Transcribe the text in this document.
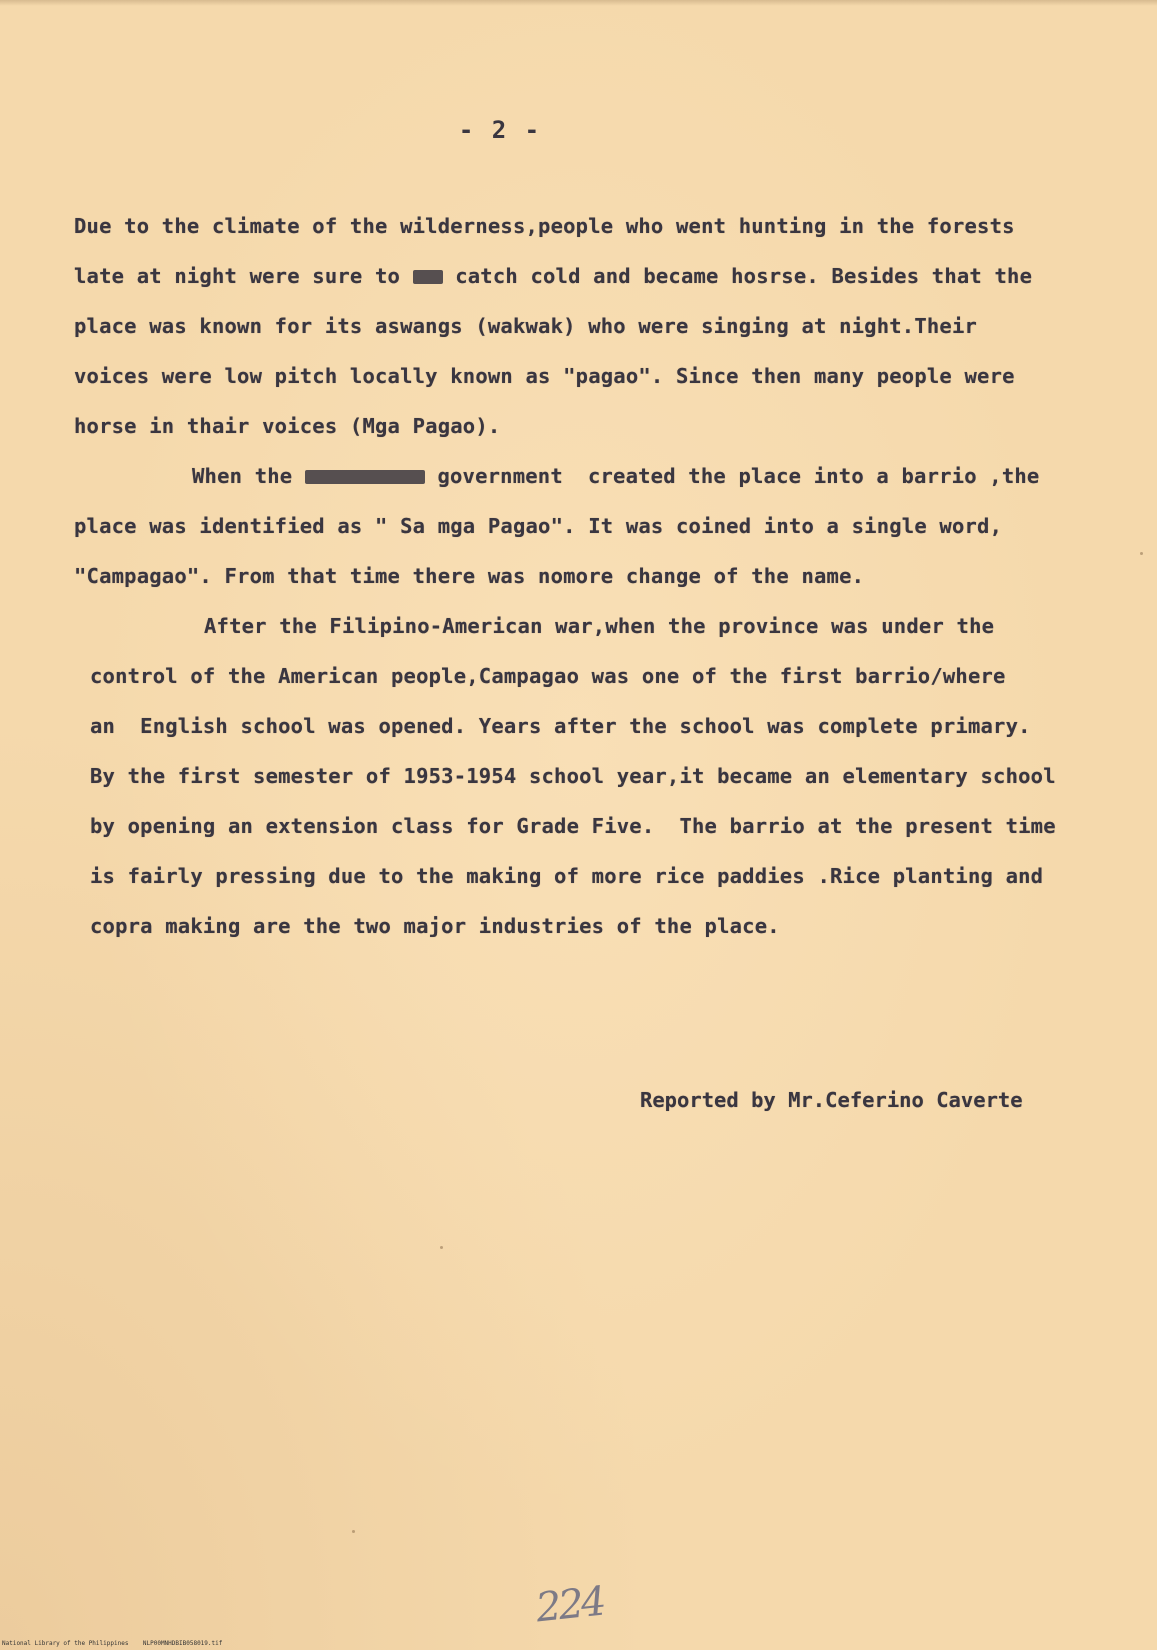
- 2 -
Due to the climate of the wilderness,people who went hunting in the forests
late at night were sure to	catch cold and became hosrse. Besides that the
place was known for its aswangs (wakwak) who were singing at night.Their
voices were low pitch locally known as "pagao". Since then many people were
horse in thair voices (Mga Pagao).
When the	government  created the place into a barrio ,the
place was identified as " Sa mga Pagao". It was coined into a single word,
"Campagao". From that time there was nomore change of the name.
After the Filipino-American war,when the province was under the
control of the American people,Campagao was one of the first barrio/where
an  English school was opened. Years after the school was complete primary.
By the first semester of 1953-1954 school year,it became an elementary school
by opening an extension class for Grade Five.  The barrio at the present time
is fairly pressing due to the making of more rice paddies .Rice planting and
copra making are the two major industries of the place.
Reported by Mr.Ceferino Caverte
224
National Library of the Philippines    NLP00MNHDBIB058019.tif
